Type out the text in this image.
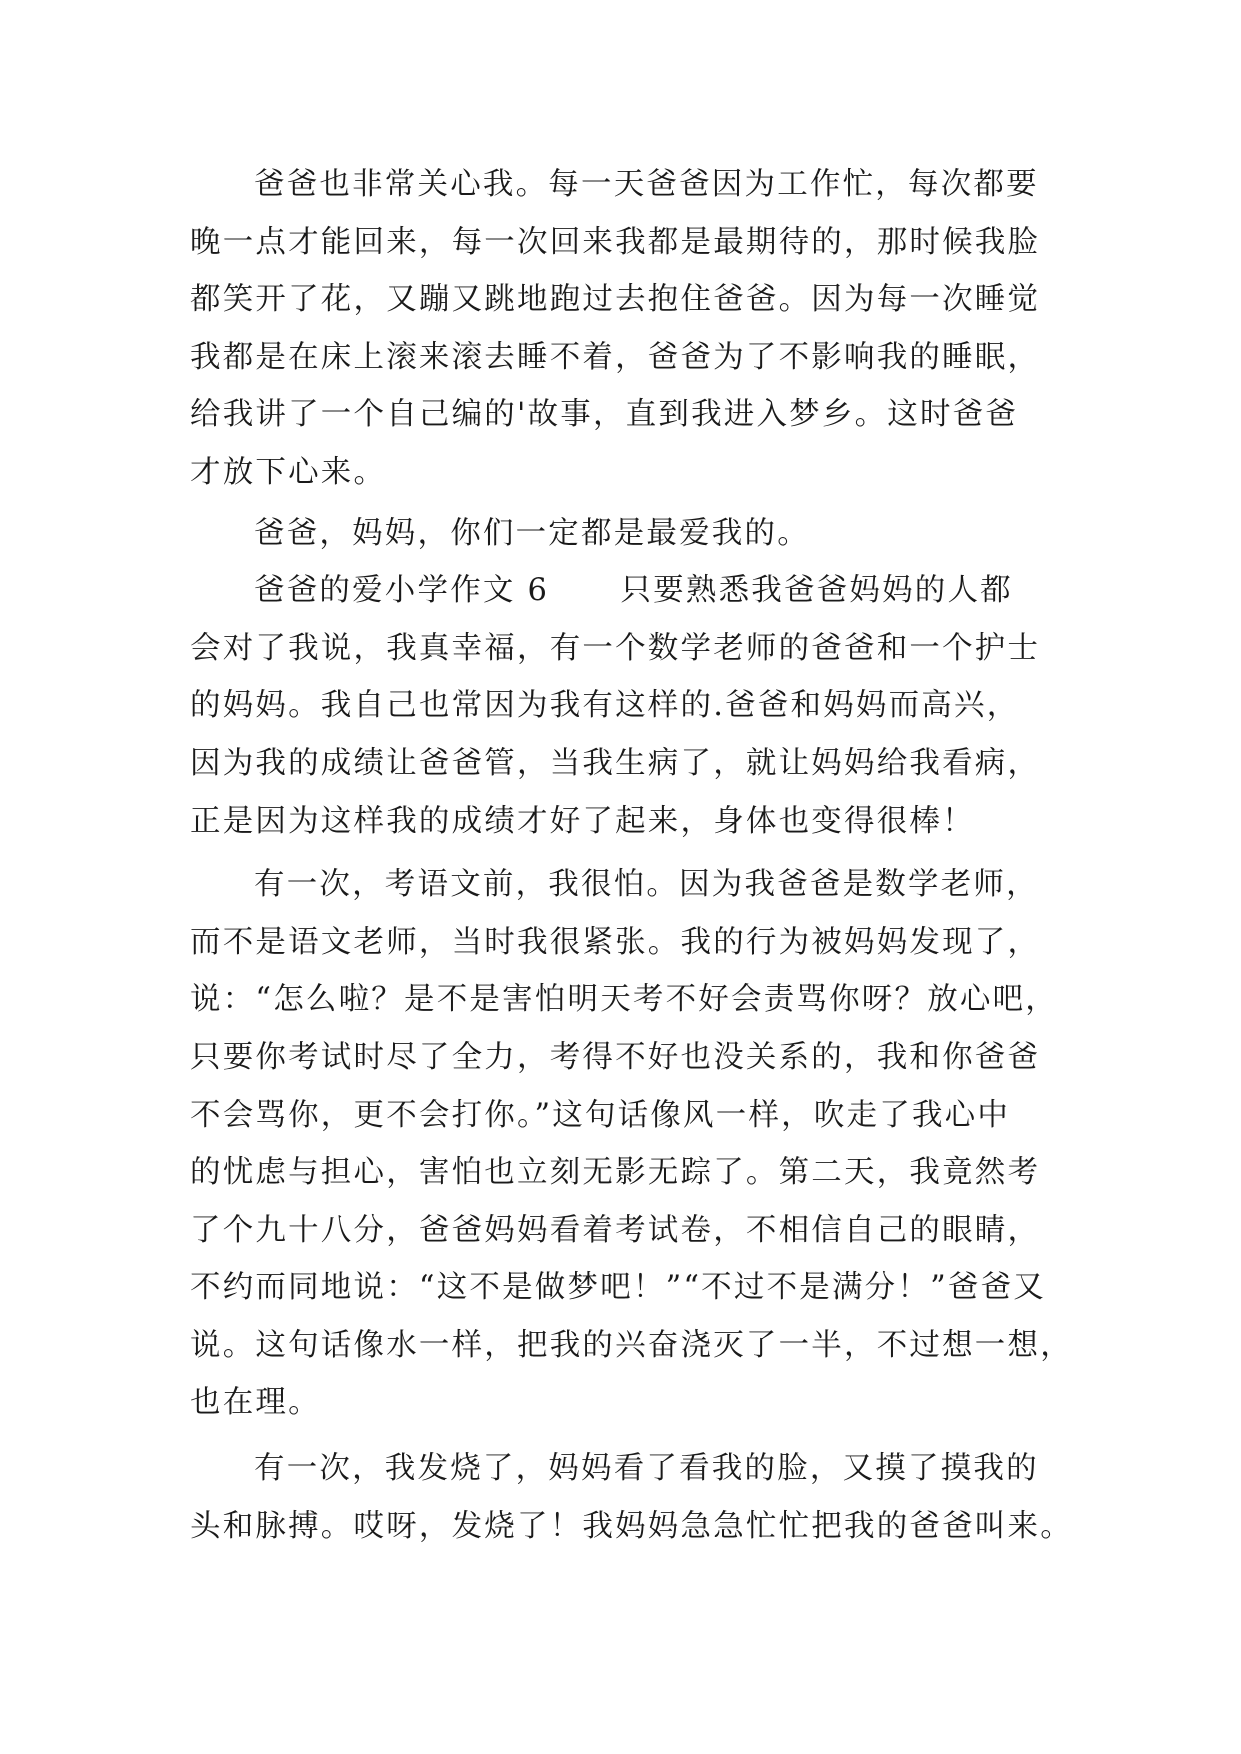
爸爸也非常关心我。每一天爸爸因为工作忙，每次都要
晚一点才能回来，每一次回来我都是最期待的，那时候我脸
都笑开了花，又蹦又跳地跑过去抱住爸爸。因为每一次睡觉
我都是在床上滚来滚去睡不着，爸爸为了不影响我的睡眠，
给我讲了一个自己编的'故事，直到我进入梦乡。这时爸爸
才放下心来。
爸爸，妈妈，你们一定都是最爱我的。
爸爸的爱小学作文 6      只要熟悉我爸爸妈妈的人都
会对了我说，我真幸福，有一个数学老师的爸爸和一个护士
的妈妈。我自己也常因为我有这样的.爸爸和妈妈而高兴，
因为我的成绩让爸爸管，当我生病了，就让妈妈给我看病，
正是因为这样我的成绩才好了起来，身体也变得很棒！
有一次，考语文前，我很怕。因为我爸爸是数学老师，
而不是语文老师，当时我很紧张。我的行为被妈妈发现了，
说：“怎么啦？是不是害怕明天考不好会责骂你呀？放心吧，
只要你考试时尽了全力，考得不好也没关系的，我和你爸爸
不会骂你，更不会打你。”这句话像风一样，吹走了我心中
的忧虑与担心，害怕也立刻无影无踪了。第二天，我竟然考
了个九十八分，爸爸妈妈看着考试卷，不相信自己的眼睛，
不约而同地说：“这不是做梦吧！”“不过不是满分！”爸爸又
说。这句话像水一样，把我的兴奋浇灭了一半，不过想一想，
也在理。
有一次，我发烧了，妈妈看了看我的脸，又摸了摸我的
头和脉搏。哎呀，发烧了！我妈妈急急忙忙把我的爸爸叫来。
